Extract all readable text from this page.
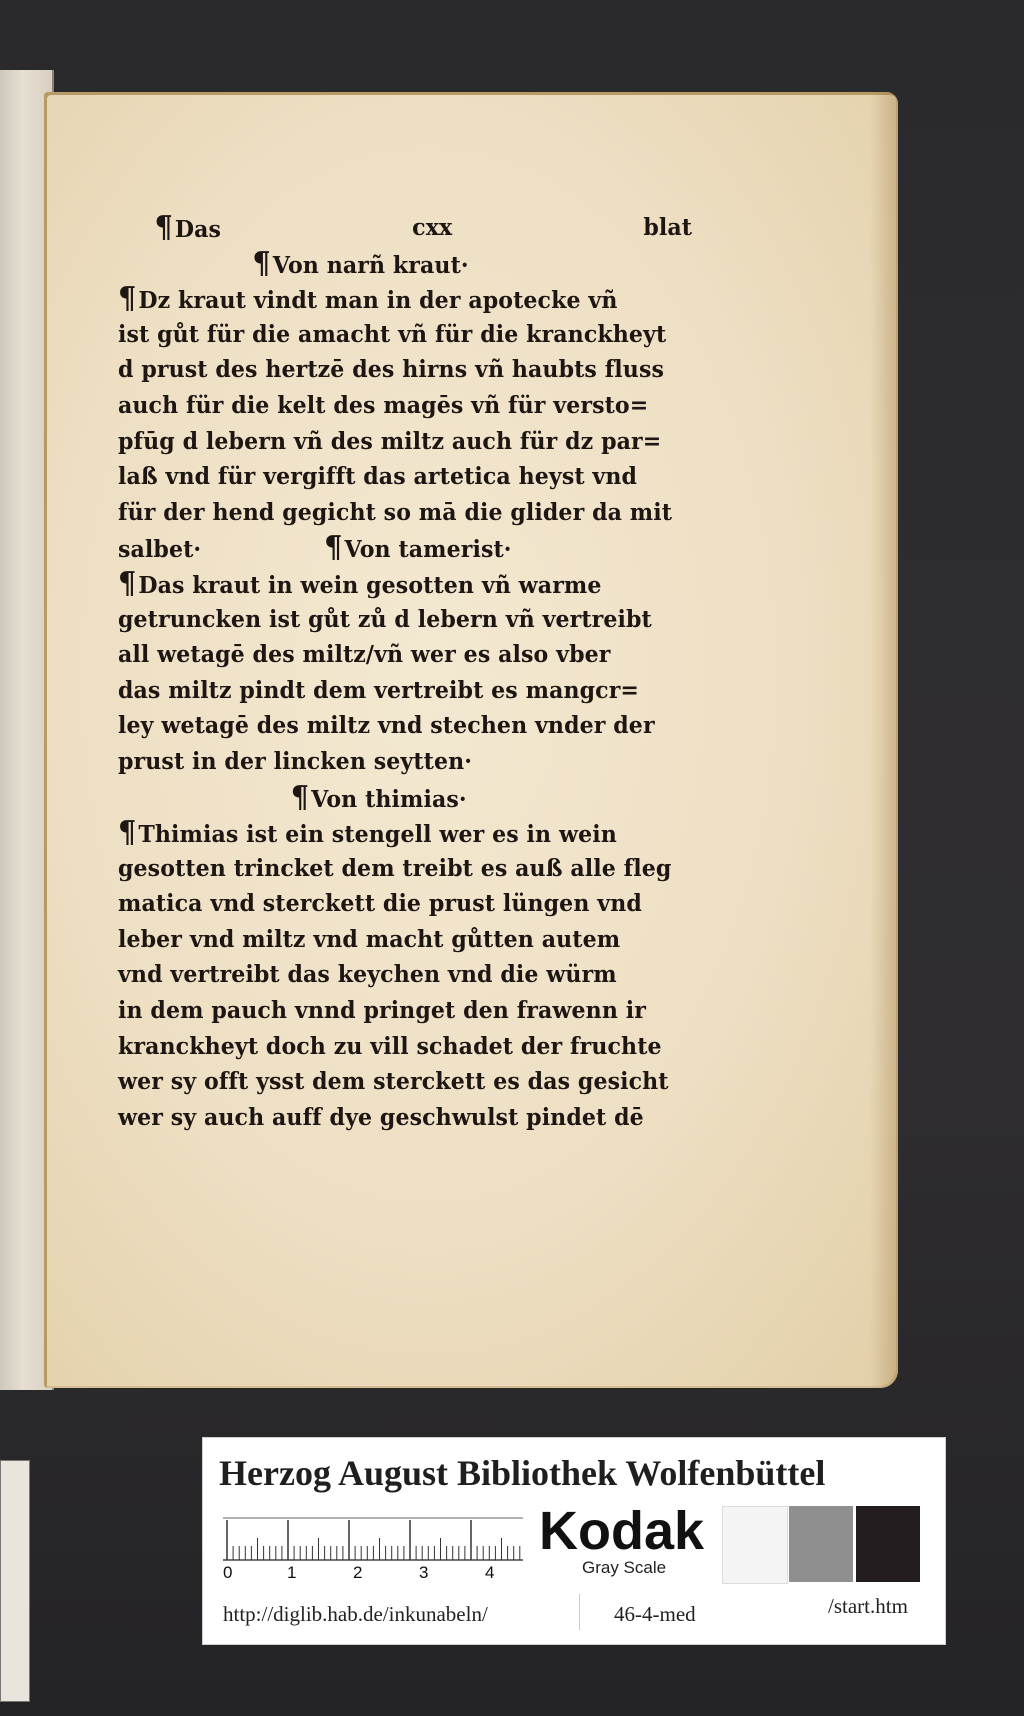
¶Das	cxx	blat
¶Von narñ kraut·
¶Dz kraut vindt man in der apotecke vñ
ist gůt für die amacht vñ für die kranckheyt
d prust des hertzē des hirns vñ haubts fluss
auch für die kelt des magēs vñ für versto=
pfūg d lebern vñ des miltz auch für dz par=
laß vnd für vergifft das artetica heyst vnd
für der hend gegicht so mā die glider da mit
salbet·	¶Von tamerist·
¶Das kraut in wein gesotten vñ warme
getruncken ist gůt zů d lebern vñ vertreibt
all wetagē des miltz/vñ wer es also vber
das miltz pindt dem vertreibt es mangcr=
ley wetagē des miltz vnd stechen vnder der
prust in der lincken seytten·
¶Von thimias·
¶Thimias ist ein stengell wer es in wein
gesotten trincket dem treibt es auß alle fleg
matica vnd sterckett die prust lüngen vnd
leber vnd miltz vnd macht gůtten autem
vnd vertreibt das keychen vnd die würm
in dem pauch vnnd pringet den frawenn ir
kranckheyt doch zu vill schadet der fruchte
wer sy offt ysst dem sterckett es das gesicht
wer sy auch auff dye geschwulst pindet dē
Herzog August Bibliothek Wolfenbüttel
0	1	2	3	4
Kodak
Gray Scale
http://diglib.hab.de/inkunabeln/	46-4-med	/start.htm
